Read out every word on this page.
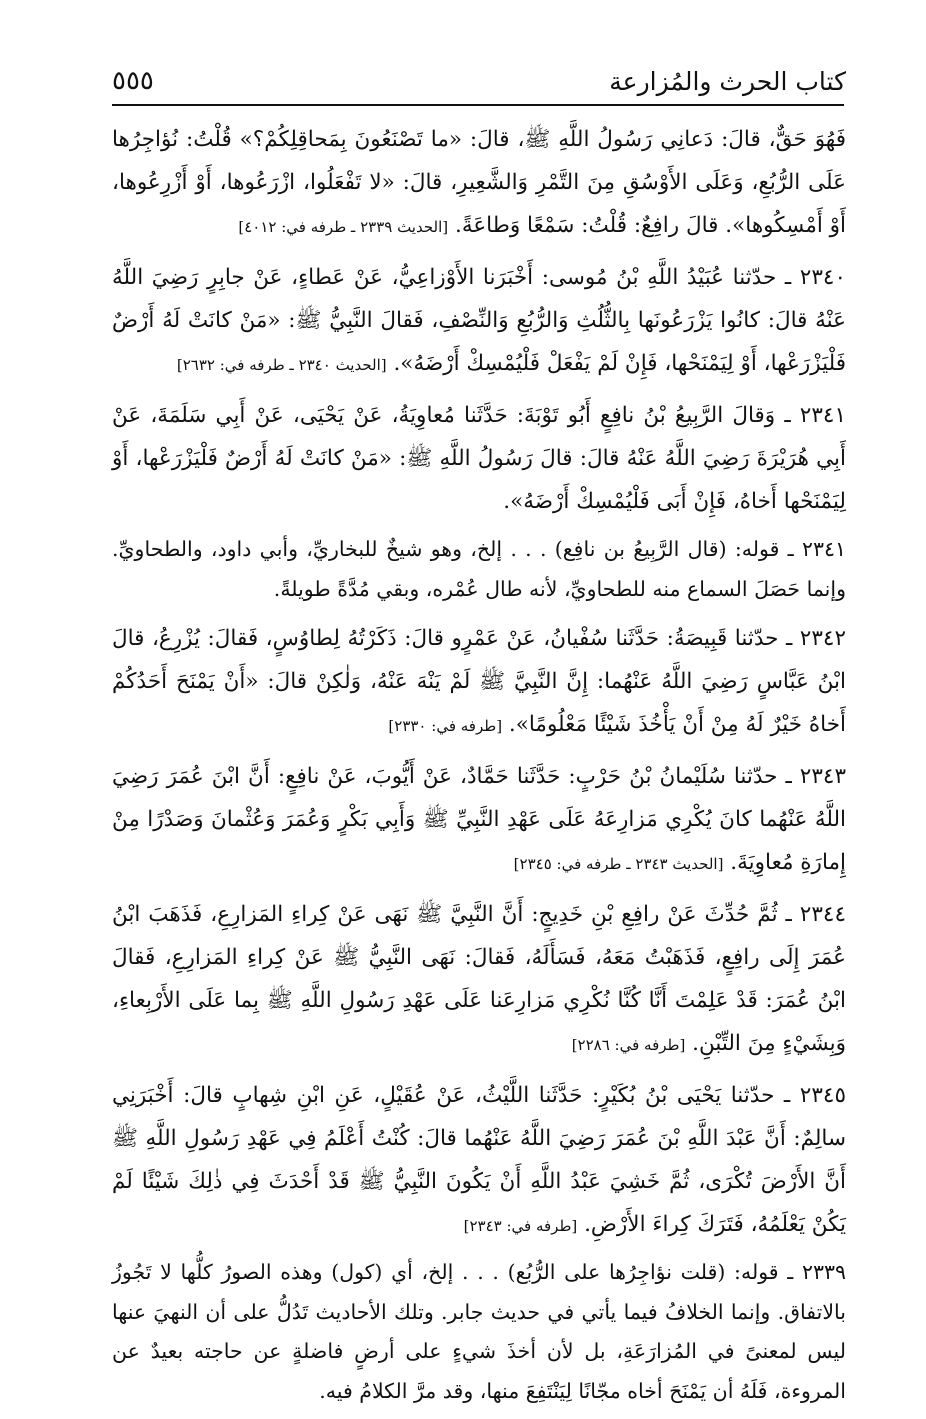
كتاب الحرث والمُزارعة
٥٥٥

فَهُوَ حَقٌّ، قالَ: دَعانِي رَسُولُ اللَّهِ ﷺ، قالَ: «ما تَصْنَعُونَ بِمَحاقِلِكُمْ؟» قُلْتُ: نُؤاجِرُها عَلَى الرُّبُعِ، وَعَلَى الأَوْسُقِ مِنَ التَّمْرِ وَالشَّعِيرِ، قالَ: «لا تَفْعَلُوا، ازْرَعُوها، أَوْ أَزْرِعُوها، أَوْ أَمْسِكُوها». قالَ رافِعٌ: قُلْتُ: سَمْعًا وَطاعَةً. [الحديث ٢٣٣٩ ـ طرفه في: ٤٠١٢]

٢٣٤٠ ـ حدّثنا عُبَيْدُ اللَّهِ بْنُ مُوسى: أَخْبَرَنا الأَوْزاعِيُّ، عَنْ عَطاءٍ، عَنْ جابِرٍ رَضِيَ اللَّهُ عَنْهُ قالَ: كانُوا يَزْرَعُونَها بِالثُّلُثِ وَالرُّبُعِ وَالنِّصْفِ، فَقالَ النَّبِيُّ ﷺ: «مَنْ كانَتْ لَهُ أَرْضٌ فَلْيَزْرَعْها، أَوْ لِيَمْنَحْها، فَإِنْ لَمْ يَفْعَلْ فَلْيُمْسِكْ أَرْضَهُ». [الحديث ٢٣٤٠ ـ طرفه في: ٢٦٣٢]

٢٣٤١ ـ وَقالَ الرَّبِيعُ بْنُ نافِعٍ أَبُو تَوْبَةَ: حَدَّثَنا مُعاوِيَةُ، عَنْ يَحْيَى، عَنْ أَبِي سَلَمَةَ، عَنْ أَبِي هُرَيْرَةَ رَضِيَ اللَّهُ عَنْهُ قالَ: قالَ رَسُولُ اللَّهِ ﷺ: «مَنْ كانَتْ لَهُ أَرْضٌ فَلْيَزْرَعْها، أَوْ لِيَمْنَحْها أَخاهُ، فَإِنْ أَبَى فَلْيُمْسِكْ أَرْضَهُ».

٢٣٤١ ـ قوله: (قال الرَّبِيعُ بن نافِع) . . . إلخ، وهو شيخٌ للبخاريِّ، وأبي داود، والطحاويِّ. وإنما حَصَلَ السماع منه للطحاويِّ، لأنه طال عُمْره، وبقي مُدَّةً طويلةً.

٢٣٤٢ ـ حدّثنا قَبِيصَةُ: حَدَّثَنا سُفْيانُ، عَنْ عَمْرٍو قالَ: ذَكَرْتُهُ لِطاوُسٍ، فَقالَ: يُزْرِعُ، قالَ ابْنُ عَبَّاسٍ رَضِيَ اللَّهُ عَنْهُما: إِنَّ النَّبِيَّ ﷺ لَمْ يَنْهَ عَنْهُ، وَلٰكِنْ قالَ: «أَنْ يَمْنَحَ أَحَدُكُمْ أَخاهُ خَيْرٌ لَهُ مِنْ أَنْ يَأْخُذَ شَيْئًا مَعْلُومًا». [طرفه في: ٢٣٣٠]

٢٣٤٣ ـ حدّثنا سُلَيْمانُ بْنُ حَرْبٍ: حَدَّثَنا حَمَّادٌ، عَنْ أَيُّوبَ، عَنْ نافِعٍ: أَنَّ ابْنَ عُمَرَ رَضِيَ اللَّهُ عَنْهُما كانَ يُكْرِي مَزارِعَهُ عَلَى عَهْدِ النَّبِيِّ ﷺ وَأَبِي بَكْرٍ وَعُمَرَ وَعُثْمانَ وَصَدْرًا مِنْ إِمارَةِ مُعاوِيَةَ. [الحديث ٢٣٤٣ ـ طرفه في: ٢٣٤٥]

٢٣٤٤ ـ ثُمَّ حُدِّثَ عَنْ رافِعِ بْنِ خَدِيجٍ: أَنَّ النَّبِيَّ ﷺ نَهَى عَنْ كِراءِ المَزارِعِ، فَذَهَبَ ابْنُ عُمَرَ إِلَى رافِعٍ، فَذَهَبْتُ مَعَهُ، فَسَأَلَهُ، فَقالَ: نَهَى النَّبِيُّ ﷺ عَنْ كِراءِ المَزارِعِ، فَقالَ ابْنُ عُمَرَ: قَدْ عَلِمْتَ أَنَّا كُنَّا نُكْرِي مَزارِعَنا عَلَى عَهْدِ رَسُولِ اللَّهِ ﷺ بِما عَلَى الأَرْبِعاءِ، وَبِشَيْءٍ مِنَ التِّبْنِ. [طرفه في: ٢٢٨٦]

٢٣٤٥ ـ حدّثنا يَحْيَى بْنُ بُكَيْرٍ: حَدَّثَنا اللَّيْثُ، عَنْ عُقَيْلٍ، عَنِ ابْنِ شِهابٍ قالَ: أَخْبَرَنِي سالِمٌ: أَنَّ عَبْدَ اللَّهِ بْنَ عُمَرَ رَضِيَ اللَّهُ عَنْهُما قالَ: كُنْتُ أَعْلَمُ فِي عَهْدِ رَسُولِ اللَّهِ ﷺ أَنَّ الأَرْضَ تُكْرَى، ثُمَّ خَشِيَ عَبْدُ اللَّهِ أَنْ يَكُونَ النَّبِيُّ ﷺ قَدْ أَحْدَثَ فِي ذٰلِكَ شَيْئًا لَمْ يَكُنْ يَعْلَمُهُ، فَتَرَكَ كِراءَ الأَرْضِ. [طرفه في: ٢٣٤٣]

٢٣٣٩ ـ قوله: (قلت نؤاجِرُها على الرُّبُع) . . . إلخ، أي (كول) وهذه الصورُ كلُّها لا تَجُوزُ بالاتفاق. وإنما الخلافُ فيما يأتي في حديث جابر. وتلك الأحاديث تَدُلُّ على أن النهيَ عنها ليس لمعنىً في المُزارَعَةِ، بل لأن أخذَ شيءٍ على أرضٍ فاضلةٍ عن حاجته بعيدٌ عن المروءة، فَلَهُ أن يَمْنَحَ أخاه مجّانًا لِيَنْتَفِعَ منها، وقد مرَّ الكلامُ فيه.
